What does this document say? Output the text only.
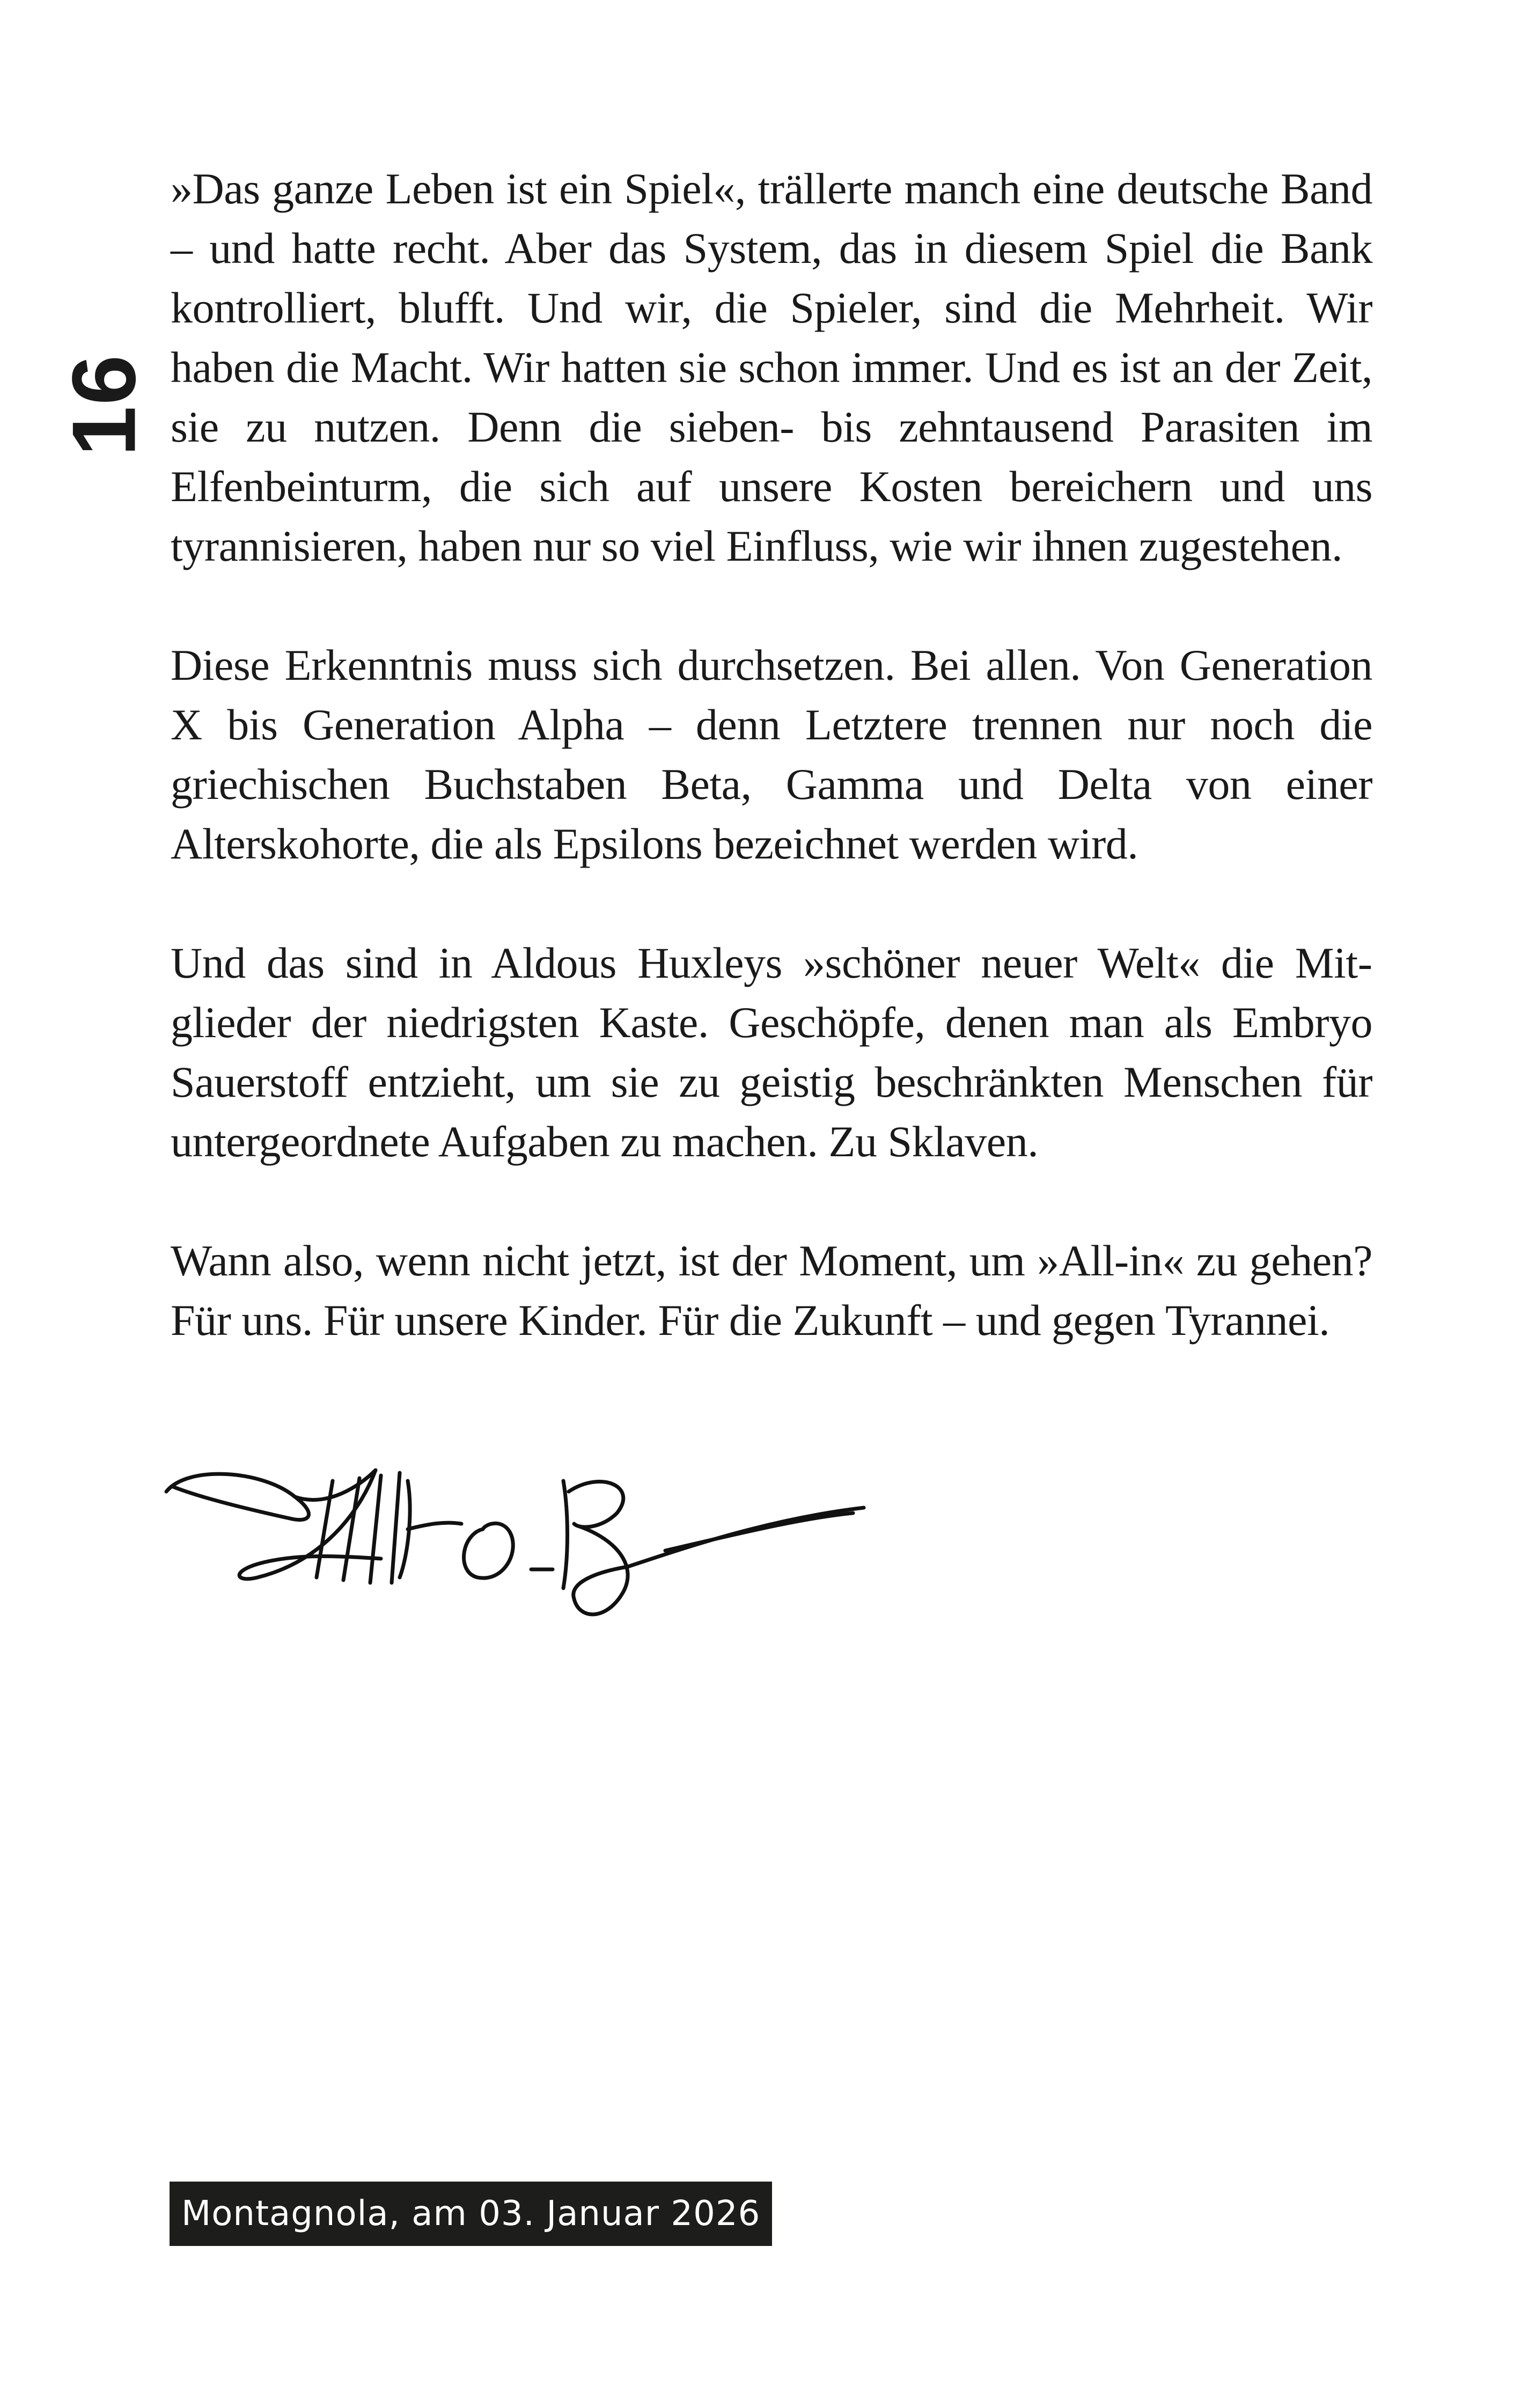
16

»Das ganze Leben ist ein Spiel«, trällerte manch eine deutsche Band – und hatte recht. Aber das System, das in diesem Spiel die Bank kontrolliert, blufft. Und wir, die Spieler, sind die Mehrheit. Wir haben die Macht. Wir hatten sie schon immer. Und es ist an der Zeit, sie zu nutzen. Denn die sieben- bis zehntausend Parasiten im Elfenbeinturm, die sich auf unsere Kosten bereichern und uns tyrannisieren, haben nur so viel Einfluss, wie wir ihnen zugestehen.

Diese Erkenntnis muss sich durchsetzen. Bei allen. Von Generation X bis Generation Alpha – denn Letztere trennen nur noch die griechischen Buchstaben Beta, Gamma und Delta von einer Alterskohorte, die als Epsilons bezeichnet werden wird.

Und das sind in Aldous Huxleys »schöner neuer Welt« die Mitglieder der niedrigsten Kaste. Geschöpfe, denen man als Embryo Sauerstoff entzieht, um sie zu geistig beschränkten Menschen für untergeordnete Aufgaben zu machen. Zu Sklaven.

Wann also, wenn nicht jetzt, ist der Moment, um »All-in« zu gehen? Für uns. Für unsere Kinder. Für die Zukunft – und gegen Tyrannei.

Montagnola, am 03. Januar 2026
